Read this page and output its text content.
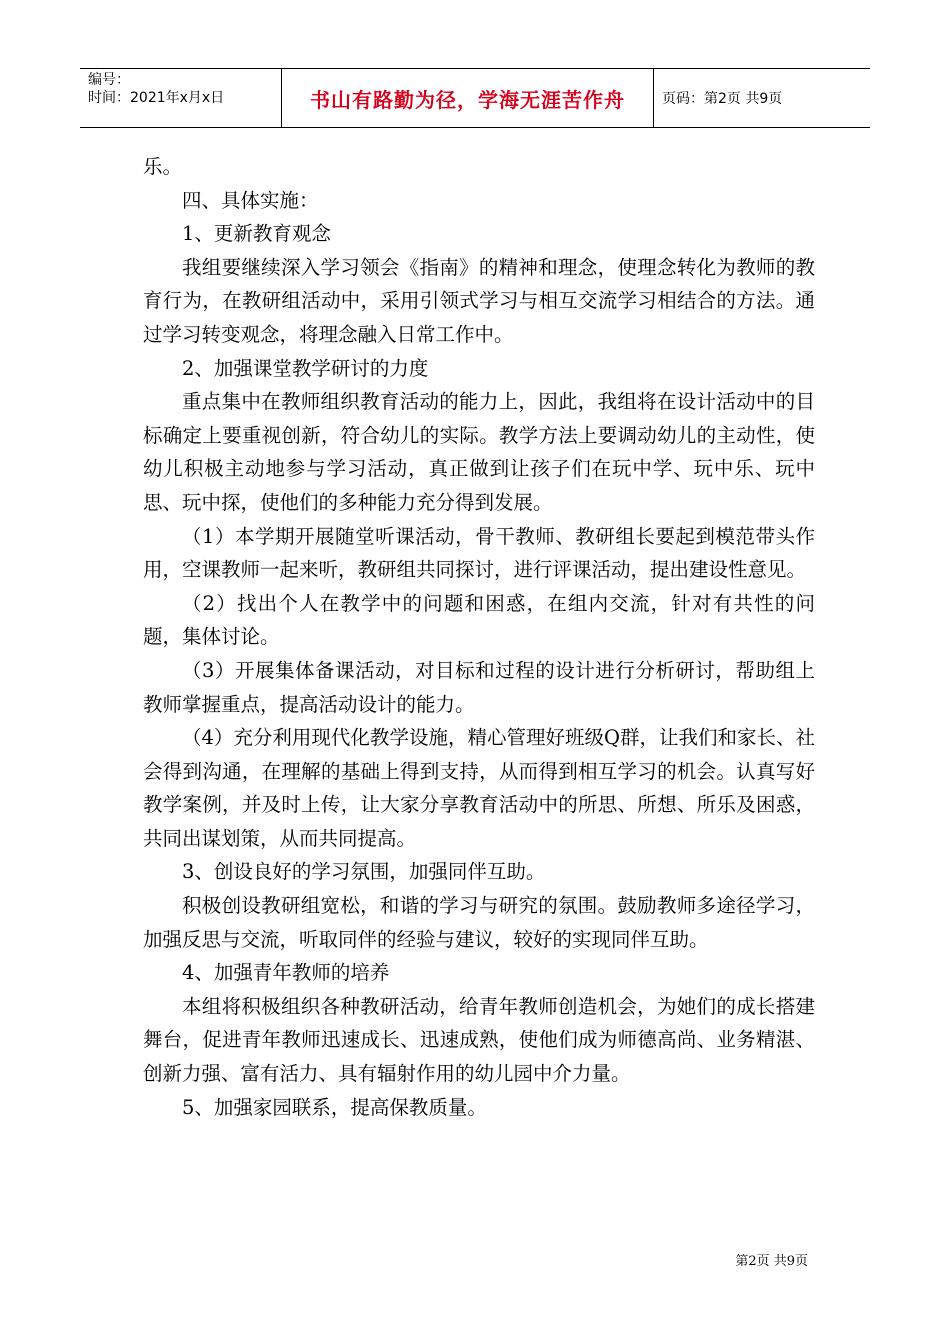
编号：
时间：2021年x月x日	书山有路勤为径，学海无涯苦作舟	页码：第2页 共9页

乐。

四、具体实施：

1、更新教育观念

我组要继续深入学习领会《指南》的精神和理念，使理念转化为教师的教育行为，在教研组活动中，采用引领式学习与相互交流学习相结合的方法。通过学习转变观念，将理念融入日常工作中。

2、加强课堂教学研讨的力度

重点集中在教师组织教育活动的能力上，因此，我组将在设计活动中的目标确定上要重视创新，符合幼儿的实际。教学方法上要调动幼儿的主动性，使幼儿积极主动地参与学习活动，真正做到让孩子们在玩中学、玩中乐、玩中思、玩中探，使他们的多种能力充分得到发展。

（1）本学期开展随堂听课活动，骨干教师、教研组长要起到模范带头作用，空课教师一起来听，教研组共同探讨，进行评课活动，提出建设性意见。

（2）找出个人在教学中的问题和困惑，在组内交流，针对有共性的问题，集体讨论。

（3）开展集体备课活动，对目标和过程的设计进行分析研讨，帮助组上教师掌握重点，提高活动设计的能力。

（4）充分利用现代化教学设施，精心管理好班级Q群，让我们和家长、社会得到沟通，在理解的基础上得到支持，从而得到相互学习的机会。认真写好教学案例，并及时上传，让大家分享教育活动中的所思、所想、所乐及困惑，共同出谋划策，从而共同提高。

3、创设良好的学习氛围，加强同伴互助。

积极创设教研组宽松，和谐的学习与研究的氛围。鼓励教师多途径学习，加强反思与交流，听取同伴的经验与建议，较好的实现同伴互助。

4、加强青年教师的培养

本组将积极组织各种教研活动，给青年教师创造机会，为她们的成长搭建舞台，促进青年教师迅速成长、迅速成熟，使他们成为师德高尚、业务精湛、创新力强、富有活力、具有辐射作用的幼儿园中介力量。

5、加强家园联系，提高保教质量。

第2页 共9页
